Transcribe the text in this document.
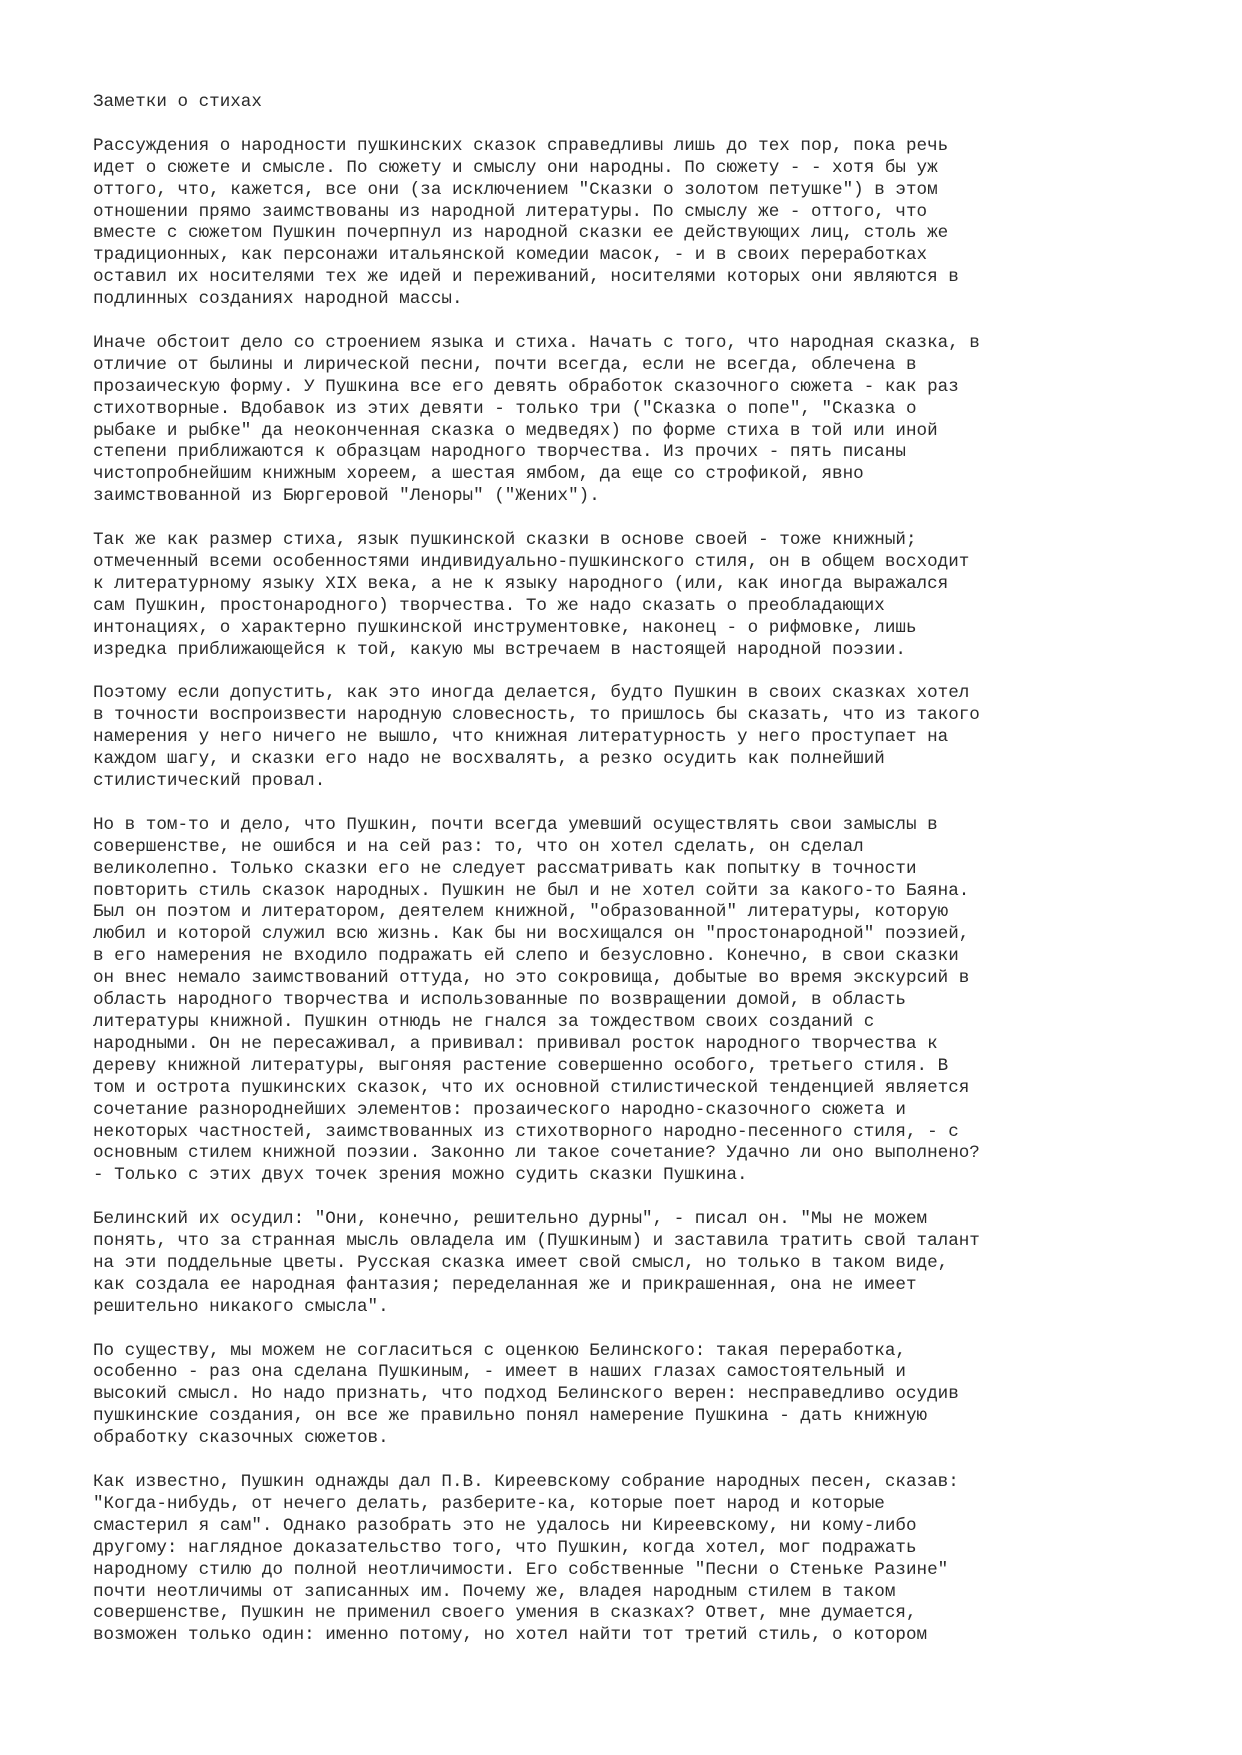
Заметки о стихах
Рассуждения о народности пушкинских сказок справедливы лишь до тех пор, пока речь
идет о сюжете и смысле. По сюжету и смыслу они народны. По сюжету - - хотя бы уж
оттого, что, кажется, все они (за исключением "Сказки о золотом петушке") в этом
отношении прямо заимствованы из народной литературы. По смыслу же - оттого, что
вместе с сюжетом Пушкин почерпнул из народной сказки ее действующих лиц, столь же
традиционных, как персонажи итальянской комедии масок, - и в своих переработках
оставил их носителями тех же идей и переживаний, носителями которых они являются в
подлинных созданиях народной массы.
Иначе обстоит дело со строением языка и стиха. Начать с того, что народная сказка, в
отличие от былины и лирической песни, почти всегда, если не всегда, облечена в
прозаическую форму. У Пушкина все его девять обработок сказочного сюжета - как раз
стихотворные. Вдобавок из этих девяти - только три ("Сказка о попе", "Сказка о
рыбаке и рыбке" да неоконченная сказка о медведях) по форме стиха в той или иной
степени приближаются к образцам народного творчества. Из прочих - пять писаны
чистопробнейшим книжным хореем, а шестая ямбом, да еще со строфикой, явно
заимствованной из Бюргеровой "Леноры" ("Жених").
Так же как размер стиха, язык пушкинской сказки в основе своей - тоже книжный;
отмеченный всеми особенностями индивидуально-пушкинского стиля, он в общем восходит
к литературному языку XIX века, а не к языку народного (или, как иногда выражался
сам Пушкин, простонародного) творчества. То же надо сказать о преобладающих
интонациях, о характерно пушкинской инструментовке, наконец - о рифмовке, лишь
изредка приближающейся к той, какую мы встречаем в настоящей народной поэзии.
Поэтому если допустить, как это иногда делается, будто Пушкин в своих сказках хотел
в точности воспроизвести народную словесность, то пришлось бы сказать, что из такого
намерения у него ничего не вышло, что книжная литературность у него проступает на
каждом шагу, и сказки его надо не восхвалять, а резко осудить как полнейший
стилистический провал.
Но в том-то и дело, что Пушкин, почти всегда умевший осуществлять свои замыслы в
совершенстве, не ошибся и на сей раз: то, что он хотел сделать, он сделал
великолепно. Только сказки его не следует рассматривать как попытку в точности
повторить стиль сказок народных. Пушкин не был и не хотел сойти за какого-то Баяна.
Был он поэтом и литератором, деятелем книжной, "образованной" литературы, которую
любил и которой служил всю жизнь. Как бы ни восхищался он "простонародной" поэзией,
в его намерения не входило подражать ей слепо и безусловно. Конечно, в свои сказки
он внес немало заимствований оттуда, но это сокровища, добытые во время экскурсий в
область народного творчества и использованные по возвращении домой, в область
литературы книжной. Пушкин отнюдь не гнался за тождеством своих созданий с
народными. Он не пересаживал, а прививал: прививал росток народного творчества к
дереву книжной литературы, выгоняя растение совершенно особого, третьего стиля. В
том и острота пушкинских сказок, что их основной стилистической тенденцией является
сочетание разнороднейших элементов: прозаического народно-сказочного сюжета и
некоторых частностей, заимствованных из стихотворного народно-песенного стиля, - с
основным стилем книжной поэзии. Законно ли такое сочетание? Удачно ли оно выполнено?
- Только с этих двух точек зрения можно судить сказки Пушкина.
Белинский их осудил: "Они, конечно, решительно дурны", - писал он. "Мы не можем
понять, что за странная мысль овладела им (Пушкиным) и заставила тратить свой талант
на эти поддельные цветы. Русская сказка имеет свой смысл, но только в таком виде,
как создала ее народная фантазия; переделанная же и прикрашенная, она не имеет
решительно никакого смысла".
По существу, мы можем не согласиться с оценкою Белинского: такая переработка,
особенно - раз она сделана Пушкиным, - имеет в наших глазах самостоятельный и
высокий смысл. Но надо признать, что подход Белинского верен: несправедливо осудив
пушкинские создания, он все же правильно понял намерение Пушкина - дать книжную
обработку сказочных сюжетов.
Как известно, Пушкин однажды дал П.В. Киреевскому собрание народных песен, сказав:
"Когда-нибудь, от нечего делать, разберите-ка, которые поет народ и которые
смастерил я сам". Однако разобрать это не удалось ни Киреевскому, ни кому-либо
другому: наглядное доказательство того, что Пушкин, когда хотел, мог подражать
народному стилю до полной неотличимости. Его собственные "Песни о Стеньке Разине"
почти неотличимы от записанных им. Почему же, владея народным стилем в таком
совершенстве, Пушкин не применил своего умения в сказках? Ответ, мне думается,
возможен только один: именно потому, но хотел найти тот третий стиль, о котором
